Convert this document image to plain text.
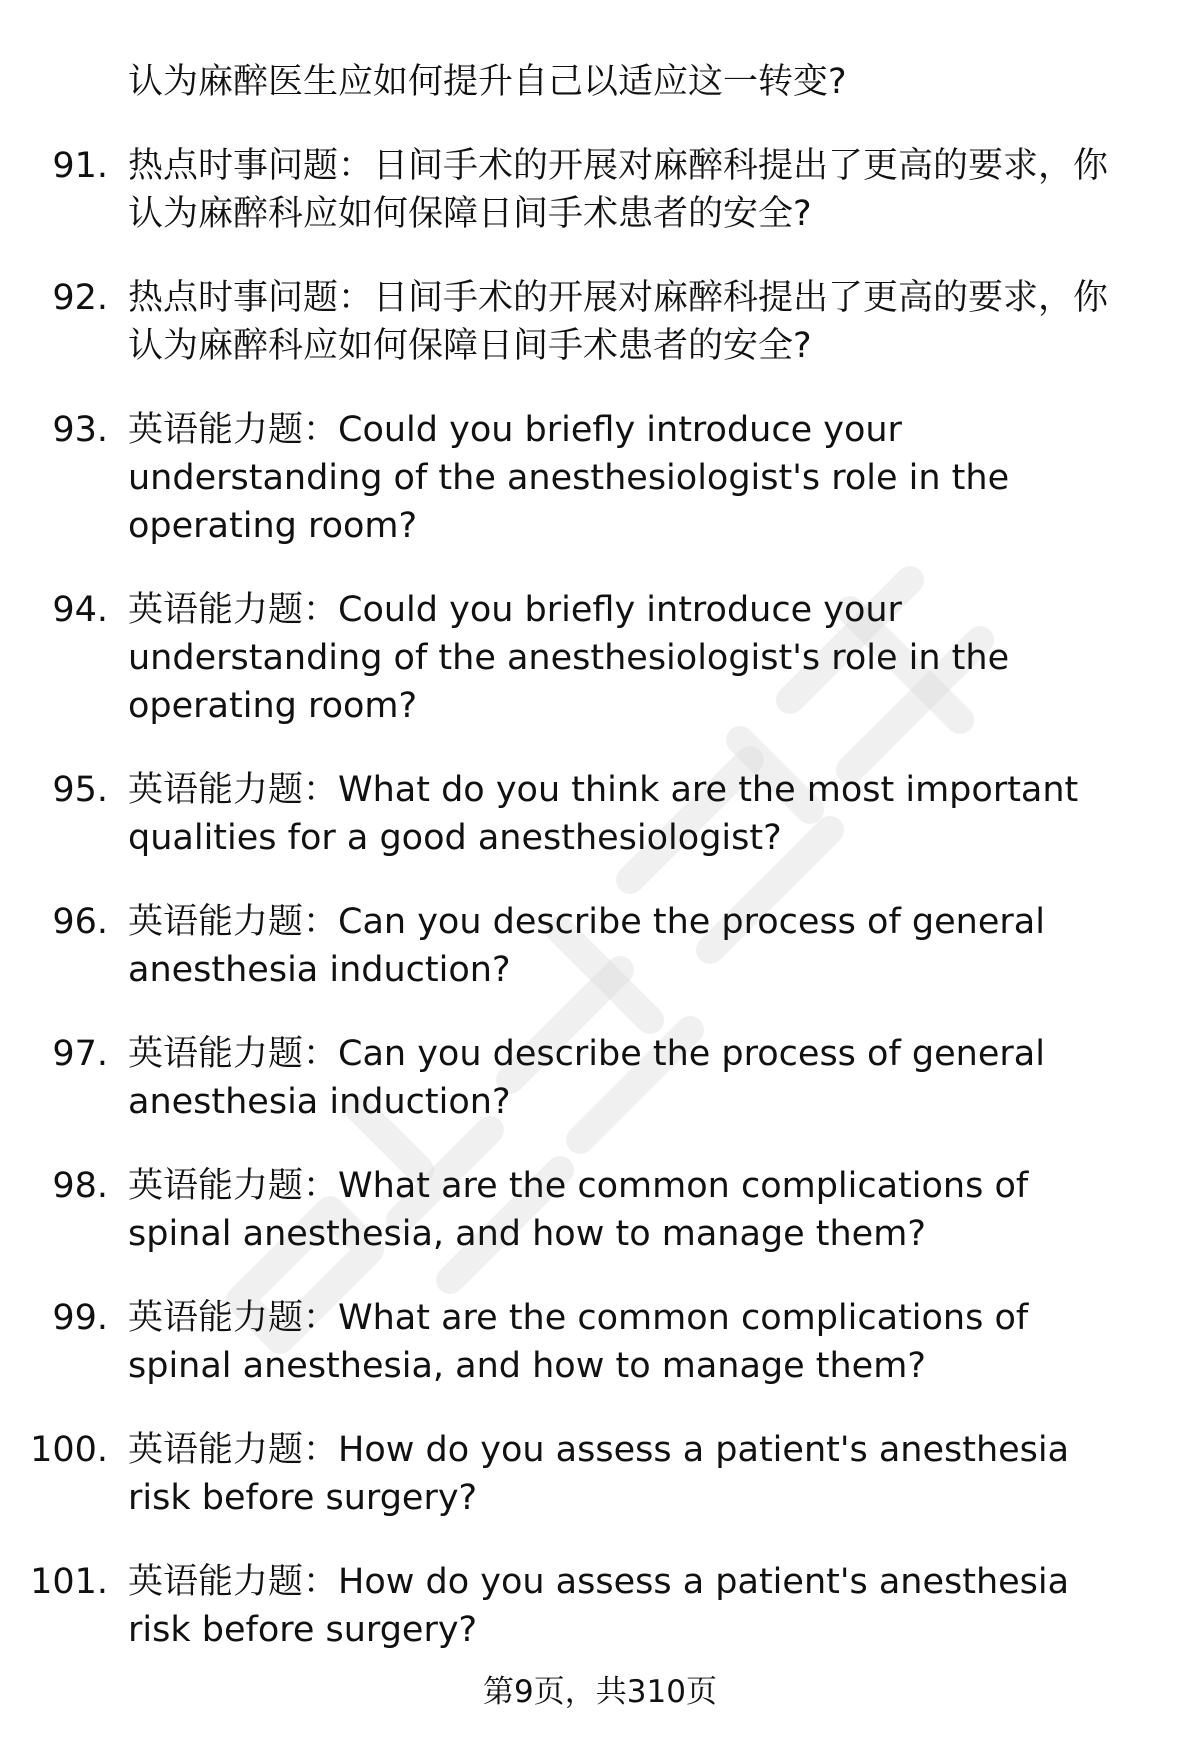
认为麻醉医生应如何提升自己以适应这一转变?
91. 热点时事问题：日间手术的开展对麻醉科提出了更高的要求，你认为麻醉科应如何保障日间手术患者的安全?
92. 热点时事问题：日间手术的开展对麻醉科提出了更高的要求，你认为麻醉科应如何保障日间手术患者的安全?
93. 英语能力题：Could you briefly introduce your understanding of the anesthesiologist's role in the operating room?
94. 英语能力题：Could you briefly introduce your understanding of the anesthesiologist's role in the operating room?
95. 英语能力题：What do you think are the most important qualities for a good anesthesiologist?
96. 英语能力题：Can you describe the process of general anesthesia induction?
97. 英语能力题：Can you describe the process of general anesthesia induction?
98. 英语能力题：What are the common complications of spinal anesthesia, and how to manage them?
99. 英语能力题：What are the common complications of spinal anesthesia, and how to manage them?
100. 英语能力题：How do you assess a patient's anesthesia risk before surgery?
101. 英语能力题：How do you assess a patient's anesthesia risk before surgery?
第9页，共310页
